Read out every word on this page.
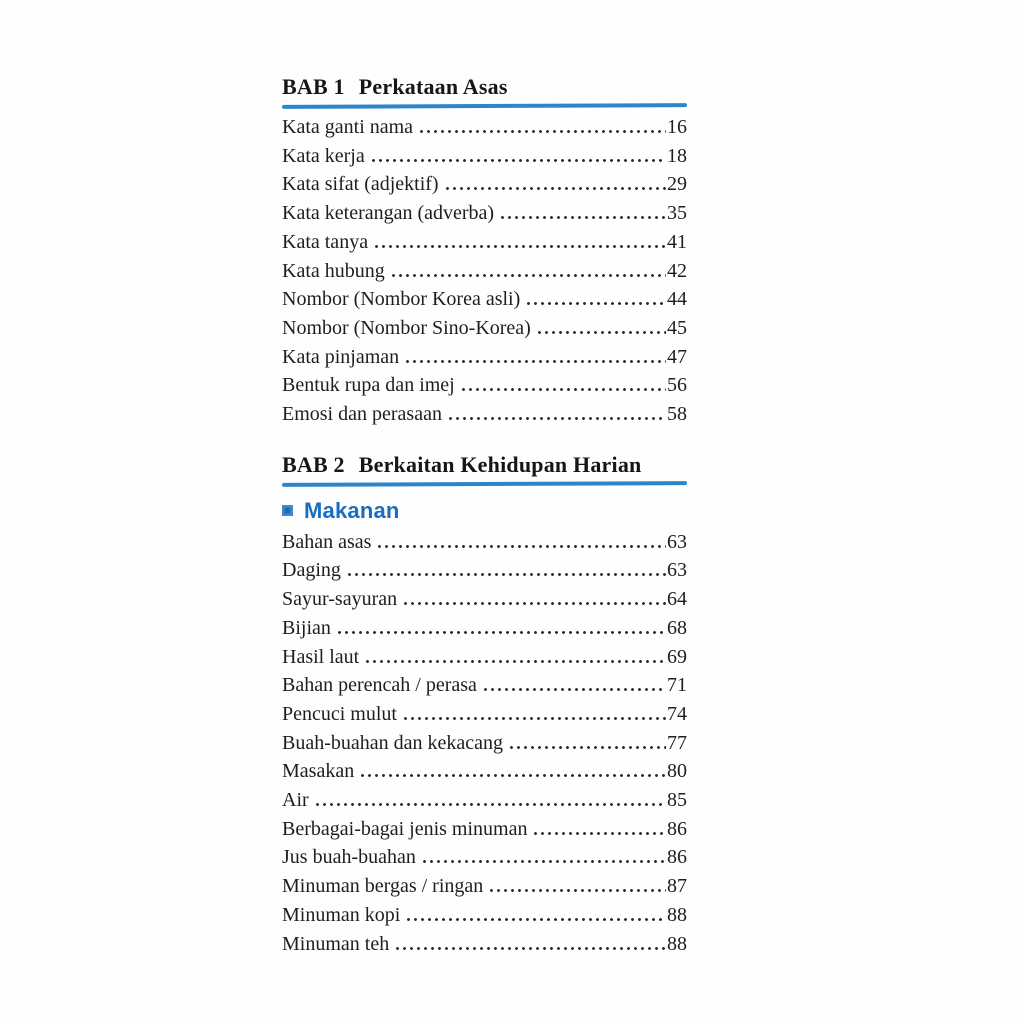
BAB 1 Perkataan Asas
Kata ganti nama	16
Kata kerja	18
Kata sifat (adjektif)	29
Kata keterangan (adverba)	35
Kata tanya	41
Kata hubung	42
Nombor (Nombor Korea asli)	44
Nombor (Nombor Sino-Korea)	45
Kata pinjaman	47
Bentuk rupa dan imej	56
Emosi dan perasaan	58
BAB 2 Berkaitan Kehidupan Harian
Makanan
Bahan asas	63
Daging	63
Sayur-sayuran	64
Bijian	68
Hasil laut	69
Bahan perencah / perasa	71
Pencuci mulut	74
Buah-buahan dan kekacang	77
Masakan	80
Air	85
Berbagai-bagai jenis minuman	86
Jus buah-buahan	86
Minuman bergas / ringan	87
Minuman kopi	88
Minuman teh	88
